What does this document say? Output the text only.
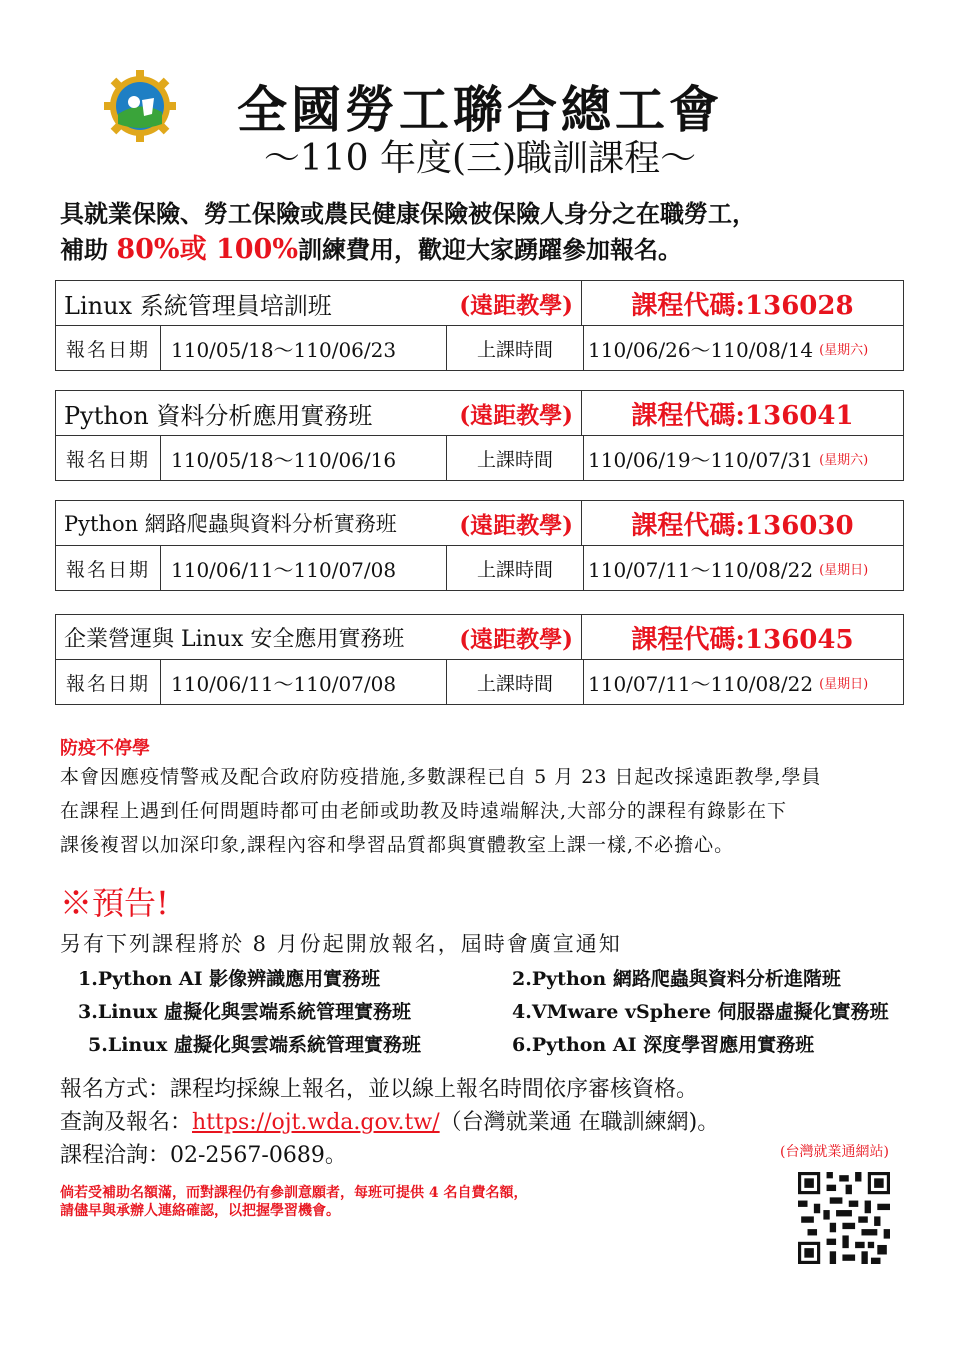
全國勞工聯合總工會
～110 年度(三)職訓課程～
具就業保險、勞工保險或農民健康保險被保險人身分之在職勞工，
補助 80%或 100%訓練費用，歡迎大家踴躍參加報名。
Linux 系統管理員培訓班	(遠距教學)	課程代碼:136028
報名日期	110/05/18～110/06/23	上課時間	110/06/26～110/08/14 (星期六)
Python 資料分析應用實務班	(遠距教學)	課程代碼:136041
報名日期	110/05/18～110/06/16	上課時間	110/06/19～110/07/31 (星期六)
Python 網路爬蟲與資料分析實務班	(遠距教學)	課程代碼:136030
報名日期	110/06/11～110/07/08	上課時間	110/07/11～110/08/22 (星期日)
企業營運與 Linux 安全應用實務班 (遠距教學)	課程代碼:136045
報名日期	110/06/11～110/07/08	上課時間	110/07/11～110/08/22 (星期日)
防疫不停學
本會因應疫情警戒及配合政府防疫措施,多數課程已自 5 月 23 日起改採遠距教學,學員
在課程上遇到任何問題時都可由老師或助教及時遠端解決,大部分的課程有錄影在下
課後複習以加深印象,課程內容和學習品質都與實體教室上課一樣,不必擔心。
※預告!
另有下列課程將於 8 月份起開放報名，屆時會廣宣通知
1.Python AI 影像辨識應用實務班	2.Python 網路爬蟲與資料分析進階班
3.Linux 虛擬化與雲端系統管理實務班	4.VMware vSphere 伺服器虛擬化實務班
5.Linux 虛擬化與雲端系統管理實務班	6.Python AI 深度學習應用實務班
報名方式：課程均採線上報名，並以線上報名時間依序審核資格。
查詢及報名：https://ojt.wda.gov.tw/（台灣就業通 在職訓練網)。
課程洽詢：02-2567-0689。	(台灣就業通網站)
倘若受補助名額滿，而對課程仍有參訓意願者，每班可提供 4 名自費名額，
請儘早與承辦人連絡確認，以把握學習機會。
